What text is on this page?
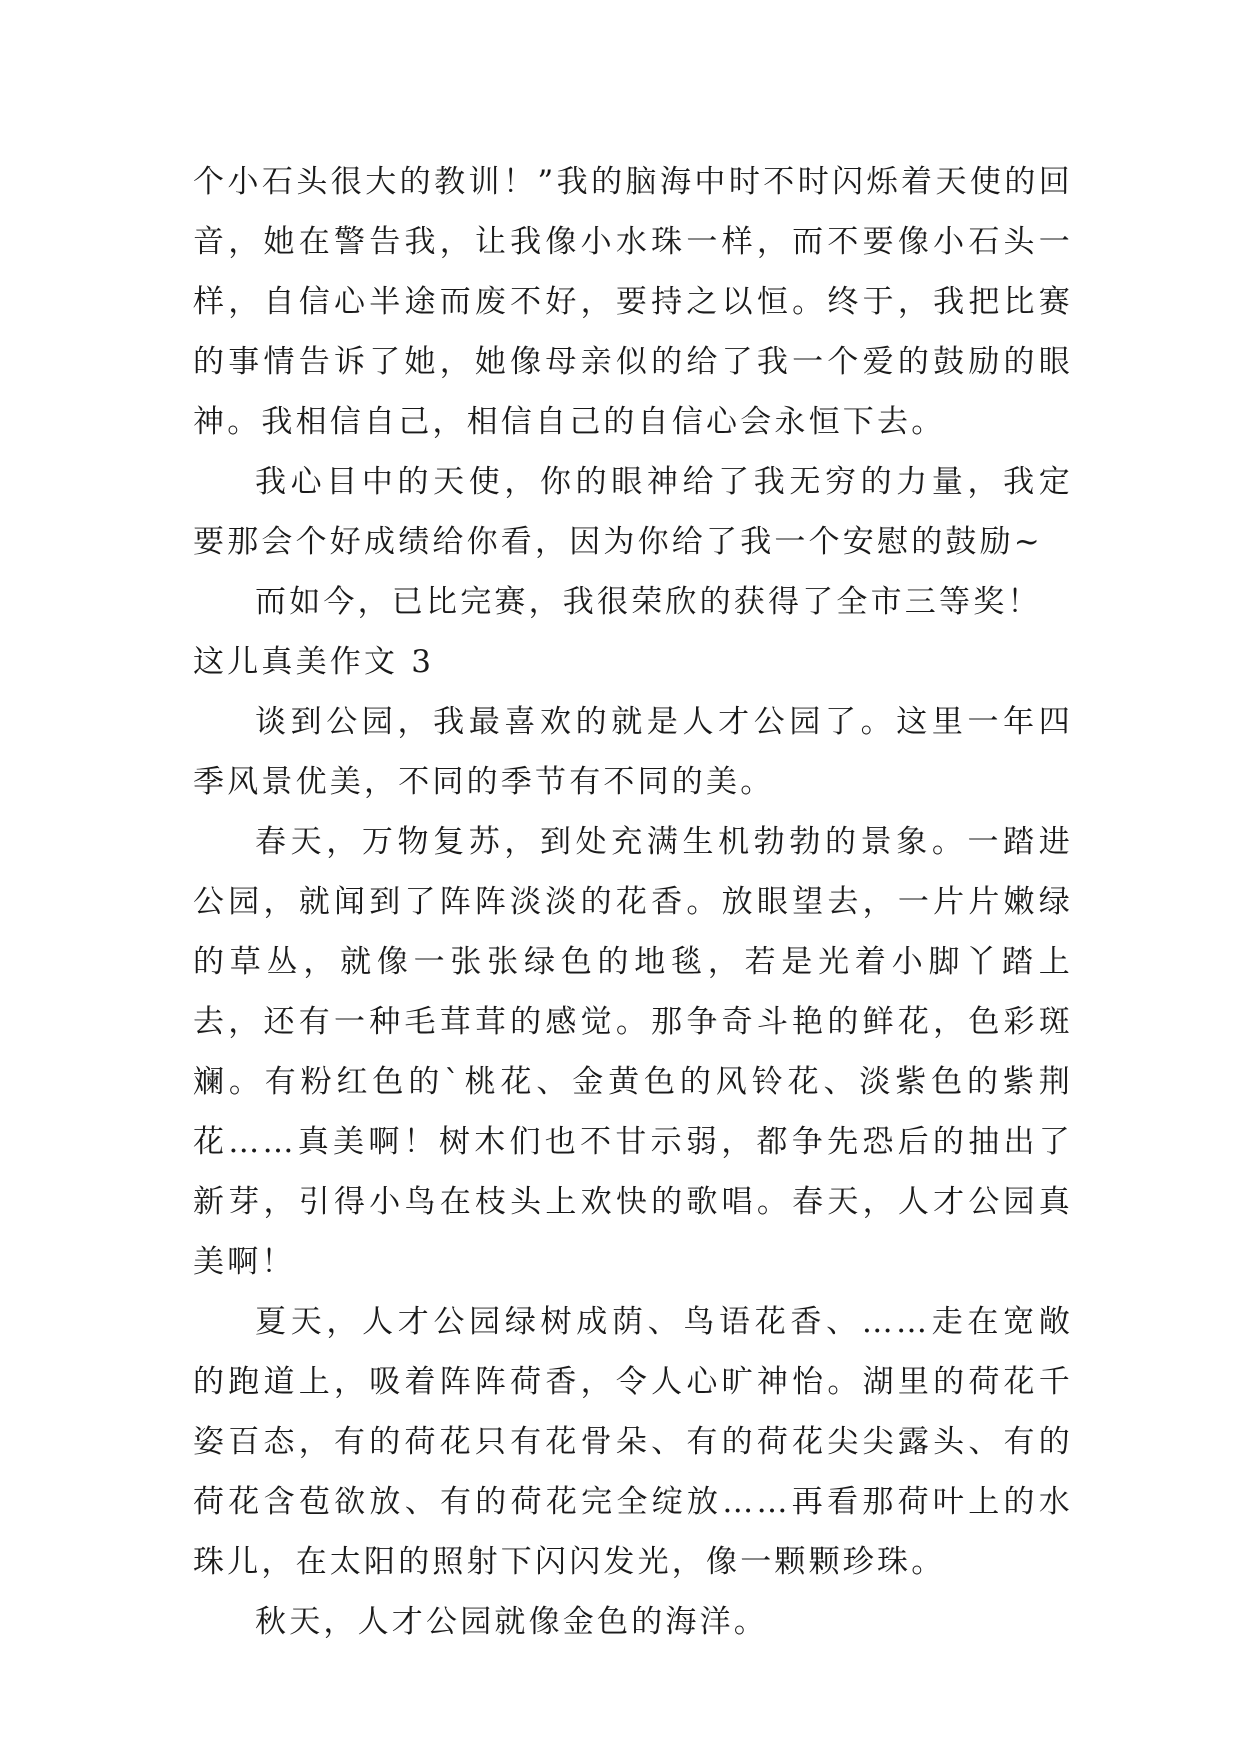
个小石头很大的教训！”我的脑海中时不时闪烁着天使的回音，她在警告我，让我像小水珠一样，而不要像小石头一样，自信心半途而废不好，要持之以恒。终于，我把比赛的事情告诉了她，她像母亲似的给了我一个爱的鼓励的眼神。我相信自己，相信自己的自信心会永恒下去。

我心目中的天使，你的眼神给了我无穷的力量，我定要那会个好成绩给你看，因为你给了我一个安慰的鼓励~

而如今，已比完赛，我很荣欣的获得了全市三等奖！

这儿真美作文 3

谈到公园，我最喜欢的就是人才公园了。这里一年四季风景优美，不同的季节有不同的美。

春天，万物复苏，到处充满生机勃勃的景象。一踏进公园，就闻到了阵阵淡淡的花香。放眼望去，一片片嫩绿的草丛，就像一张张绿色的地毯，若是光着小脚丫踏上去，还有一种毛茸茸的感觉。那争奇斗艳的鲜花，色彩斑斓。有粉红色的`桃花、金黄色的风铃花、淡紫色的紫荆花……真美啊！树木们也不甘示弱，都争先恐后的抽出了新芽，引得小鸟在枝头上欢快的歌唱。春天，人才公园真美啊！

夏天，人才公园绿树成荫、鸟语花香、……走在宽敞的跑道上，吸着阵阵荷香，令人心旷神怡。湖里的荷花千姿百态，有的荷花只有花骨朵、有的荷花尖尖露头、有的荷花含苞欲放、有的荷花完全绽放……再看那荷叶上的水珠儿，在太阳的照射下闪闪发光，像一颗颗珍珠。

秋天，人才公园就像金色的海洋。
